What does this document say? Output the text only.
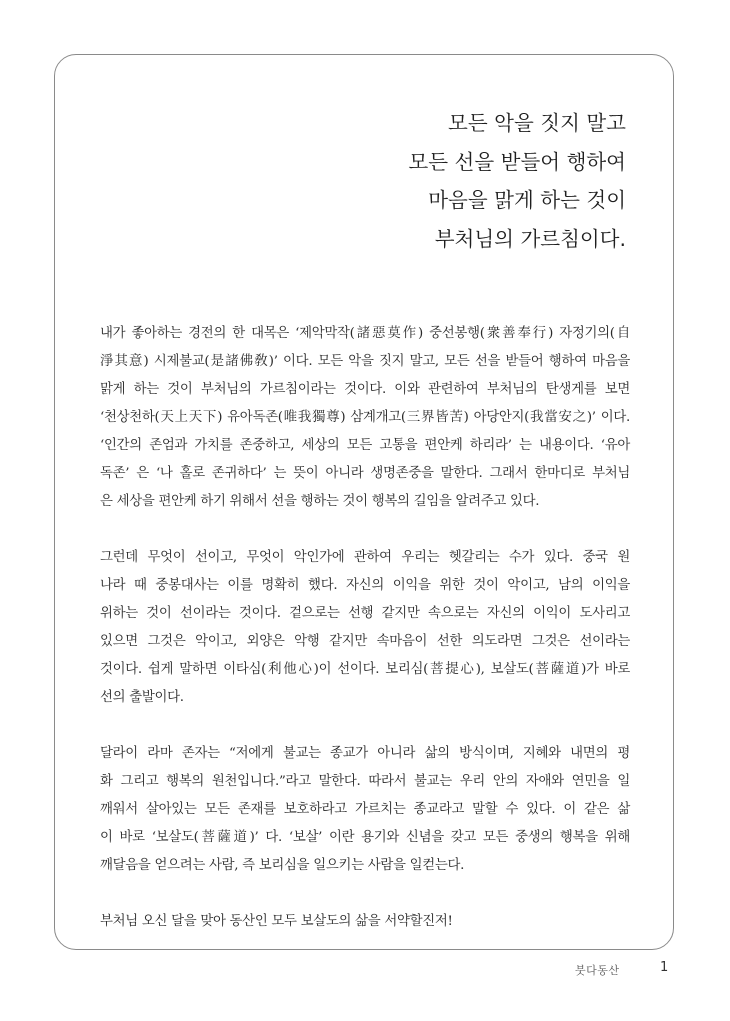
모든 악을 짓지 말고
모든 선을 받들어 행하여
마음을 맑게 하는 것이
부처님의 가르침이다.
내가 좋아하는 경전의 한 대목은 ‘제악막작(諸惡莫作) 중선봉행(衆善奉行) 자정기의(自
淨其意) 시제불교(是諸佛敎)’ 이다. 모든 악을 짓지 말고, 모든 선을 받들어 행하여 마음을
맑게 하는 것이 부처님의 가르침이라는 것이다. 이와 관련하여 부처님의 탄생게를 보면
‘천상천하(天上天下) 유아독존(唯我獨尊) 삼계개고(三界皆苦) 아당안지(我當安之)’ 이다.
‘인간의 존엄과 가치를 존중하고, 세상의 모든 고통을 편안케 하리라’ 는 내용이다. ‘유아
독존’ 은 ‘나 홀로 존귀하다’ 는 뜻이 아니라 생명존중을 말한다. 그래서 한마디로 부처님
은 세상을 편안케 하기 위해서 선을 행하는 것이 행복의 길임을 알려주고 있다.
그런데 무엇이 선이고, 무엇이 악인가에 관하여 우리는 헷갈리는 수가 있다. 중국 원
나라 때 중봉대사는 이를 명확히 했다. 자신의 이익을 위한 것이 악이고, 남의 이익을
위하는 것이 선이라는 것이다. 겉으로는 선행 같지만 속으로는 자신의 이익이 도사리고
있으면 그것은 악이고, 외양은 악행 같지만 속마음이 선한 의도라면 그것은 선이라는
것이다. 쉽게 말하면 이타심(利他心)이 선이다. 보리심(菩提心), 보살도(菩薩道)가 바로
선의 출발이다.
달라이 라마 존자는 “저에게 불교는 종교가 아니라 삶의 방식이며, 지혜와 내면의 평
화 그리고 행복의 원천입니다.”라고 말한다. 따라서 불교는 우리 안의 자애와 연민을 일
깨워서 살아있는 모든 존재를 보호하라고 가르치는 종교라고 말할 수 있다. 이 같은 삶
이 바로 ‘보살도(菩薩道)’ 다. ‘보살’ 이란 용기와 신념을 갖고 모든 중생의 행복을 위해
깨달음을 얻으려는 사람, 즉 보리심을 일으키는 사람을 일컫는다.
부처님 오신 달을 맞아 동산인 모두 보살도의 삶을 서약할진저!
붓다동산	1
